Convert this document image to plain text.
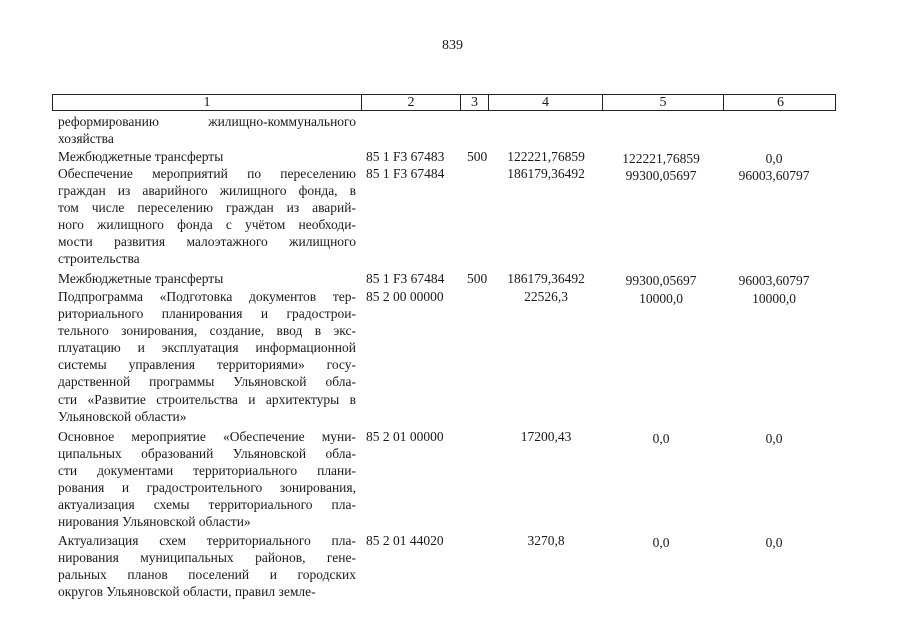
839
1	2	3	4	5	6
реформированию жилищно-коммунального
хозяйства
Межбюджетные трансферты	85 1 F3 67483 500	122221,76859	122221,76859	0,0
Обеспечение мероприятий по переселению
граждан из аварийного жилищного фонда, в
том числе переселению граждан из аварий-
ного жилищного фонда с учётом необходи-
мости развития малоэтажного жилищного
строительства
85 1 F3 67484	186179,36492	99300,05697	96003,60797
Межбюджетные трансферты	85 1 F3 67484 500	186179,36492	99300,05697	96003,60797
Подпрограмма «Подготовка документов тер-
риториального планирования и градострои-
тельного зонирования, создание, ввод в экс-
плуатацию и эксплуатация информационной
системы управления территориями» госу-
дарственной программы Ульяновской обла-
сти «Развитие строительства и архитектуры в
Ульяновской области»
85 2 00 00000	22526,3	10000,0	10000,0
Основное мероприятие «Обеспечение муни-
ципальных образований Ульяновской обла-
сти документами территориального плани-
рования и градостроительного зонирования,
актуализация схемы территориального пла-
нирования Ульяновской области»
85 2 01 00000	17200,43	0,0	0,0
Актуализация схем территориального пла-
нирования муниципальных районов, гене-
ральных планов поселений и городских
округов Ульяновской области, правил земле-
85 2 01 44020	3270,8	0,0	0,0
